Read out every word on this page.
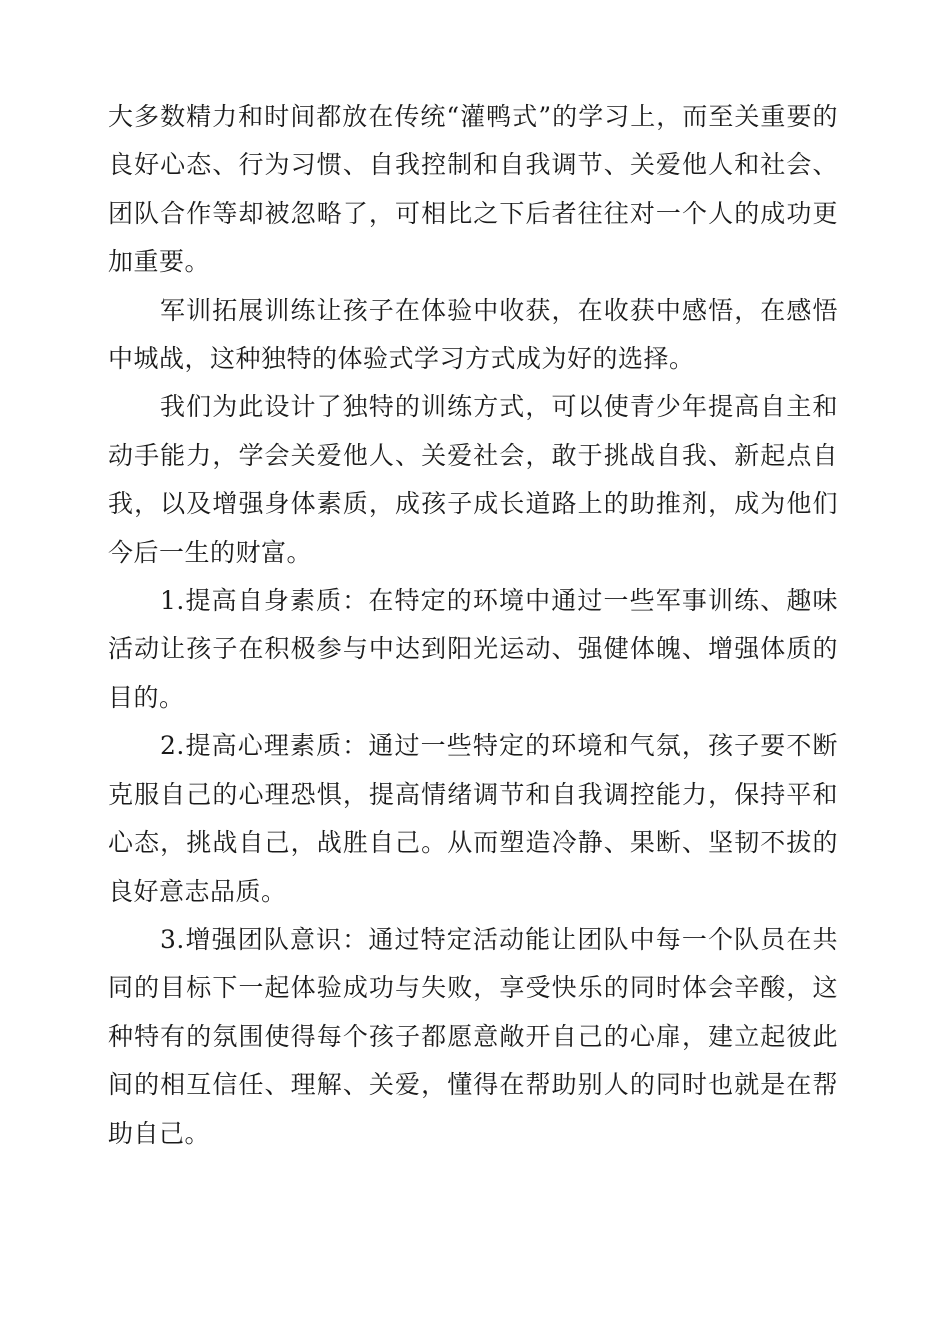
大多数精力和时间都放在传统“灌鸭式”的学习上，而至关重要的良好心态、行为习惯、自我控制和自我调节、关爱他人和社会、团队合作等却被忽略了，可相比之下后者往往对一个人的成功更加重要。

军训拓展训练让孩子在体验中收获，在收获中感悟，在感悟中城战，这种独特的体验式学习方式成为好的选择。

我们为此设计了独特的训练方式，可以使青少年提高自主和动手能力，学会关爱他人、关爱社会，敢于挑战自我、新起点自我，以及增强身体素质，成孩子成长道路上的助推剂，成为他们今后一生的财富。

1.提高自身素质：在特定的环境中通过一些军事训练、趣味活动让孩子在积极参与中达到阳光运动、强健体魄、增强体质的目的。

2.提高心理素质：通过一些特定的环境和气氛，孩子要不断克服自己的心理恐惧，提高情绪调节和自我调控能力，保持平和心态，挑战自己，战胜自己。从而塑造冷静、果断、坚韧不拔的良好意志品质。

3.增强团队意识：通过特定活动能让团队中每一个队员在共同的目标下一起体验成功与失败，享受快乐的同时体会辛酸，这种特有的氛围使得每个孩子都愿意敞开自己的心扉，建立起彼此间的相互信任、理解、关爱，懂得在帮助别人的同时也就是在帮助自己。
